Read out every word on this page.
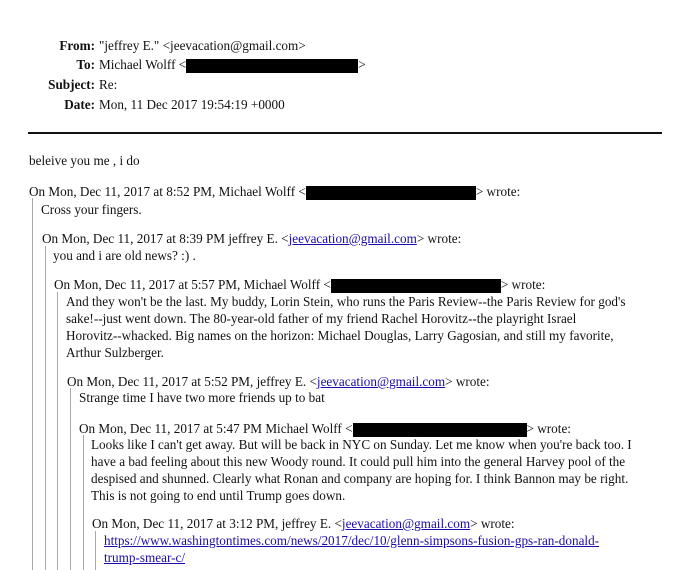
From: "jeffrey E." <jeevacation@gmail.com>
To: Michael Wolff <	>
Subject: Re:
Date: Mon, 11 Dec 2017 19:54:19 +0000
beleive you me , i do
On Mon, Dec 11, 2017 at 8:52 PM, Michael Wolff <	> wrote:
Cross your fingers.
On Mon, Dec 11, 2017 at 8:39 PM jeffrey E. <jeevacation@gmail.com> wrote:
you and i are old news? :) .
On Mon, Dec 11, 2017 at 5:57 PM, Michael Wolff <	> wrote:
And they won't be the last. My buddy, Lorin Stein, who runs the Paris Review--the Paris Review for god's
sake!--just went down. The 80-year-old father of my friend Rachel Horovitz--the playright Israel
Horovitz--whacked. Big names on the horizon: Michael Douglas, Larry Gagosian, and still my favorite,
Arthur Sulzberger.
On Mon, Dec 11, 2017 at 5:52 PM, jeffrey E. <jeevacation@gmail.com> wrote:
Strange time I have two more friends up to bat
On Mon, Dec 11, 2017 at 5:47 PM Michael Wolff <	> wrote:
Looks like I can't get away. But will be back in NYC on Sunday. Let me know when you're back too. I
have a bad feeling about this new Woody round. It could pull him into the general Harvey pool of the
despised and shunned. Clearly what Ronan and company are hoping for. I think Bannon may be right.
This is not going to end until Trump goes down.
On Mon, Dec 11, 2017 at 3:12 PM, jeffrey E. <jeevacation@gmail.com> wrote:
https://www.washingtontimes.com/news/2017/dec/10/glenn-simpsons-fusion-gps-ran-donald-
trump-smear-c/
